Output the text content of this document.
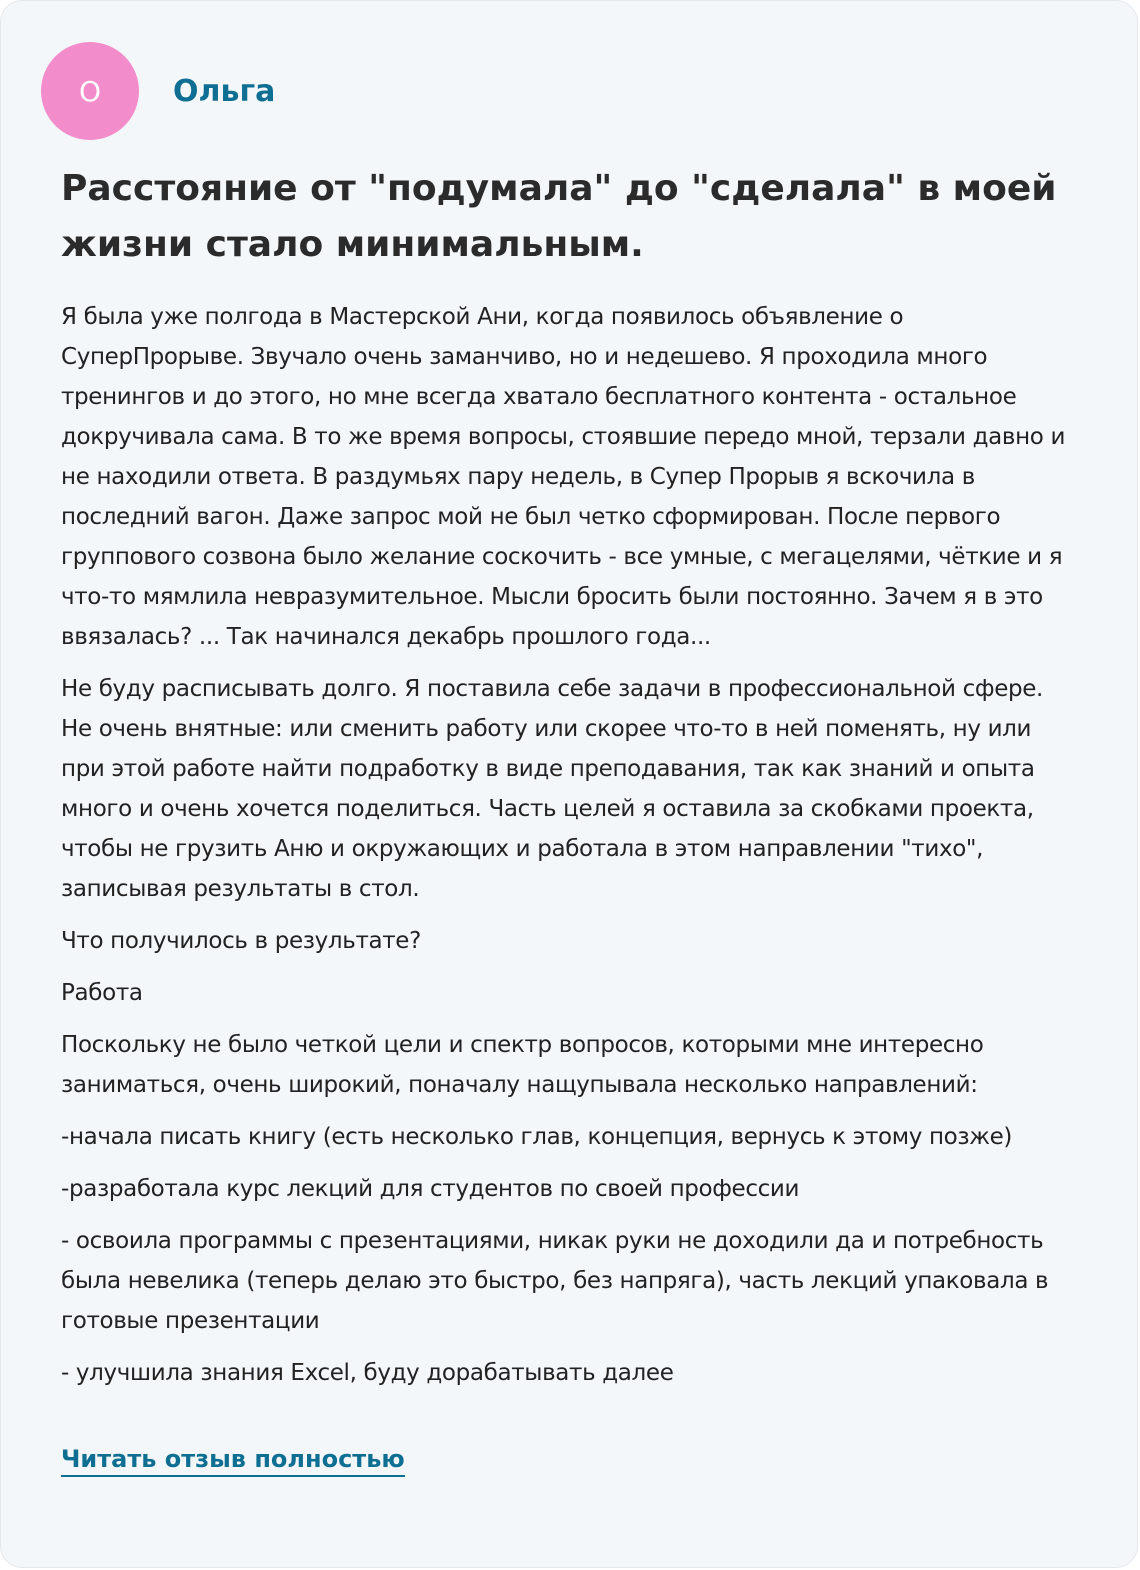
О	Ольга
Расстояние от "подумала" до "сделала" в моей жизни стало минимальным.

Я была уже полгода в Мастерской Ани, когда появилось объявление о СуперПрорыве. Звучало очень заманчиво, но и недешево. Я проходила много тренингов и до этого, но мне всегда хватало бесплатного контента - остальное докручивала сама. В то же время вопросы, стоявшие передо мной, терзали давно и не находили ответа. В раздумьях пару недель, в Супер Прорыв я вскочила в последний вагон. Даже запрос мой не был четко сформирован. После первого группового созвона было желание соскочить - все умные, с мегацелями, чёткие и я что-то мямлила невразумительное. Мысли бросить были постоянно. Зачем я в это ввязалась? ... Так начинался декабрь прошлого года...

Не буду расписывать долго. Я поставила себе задачи в профессиональной сфере. Не очень внятные: или сменить работу или скорее что-то в ней поменять, ну или при этой работе найти подработку в виде преподавания, так как знаний и опыта много и очень хочется поделиться. Часть целей я оставила за скобками проекта, чтобы не грузить Аню и окружающих и работала в этом направлении "тихо", записывая результаты в стол.

Что получилось в результате?

Работа

Поскольку не было четкой цели и спектр вопросов, которыми мне интересно заниматься, очень широкий, поначалу нащупывала несколько направлений:

-начала писать книгу (есть несколько глав, концепция, вернусь к этому позже)

-разработала курс лекций для студентов по своей профессии

- освоила программы с презентациями, никак руки не доходили да и потребность была невелика (теперь делаю это быстро, без напряга), часть лекций упаковала в готовые презентации

- улучшила знания Excel, буду дорабатывать далее

Читать отзыв полностью
